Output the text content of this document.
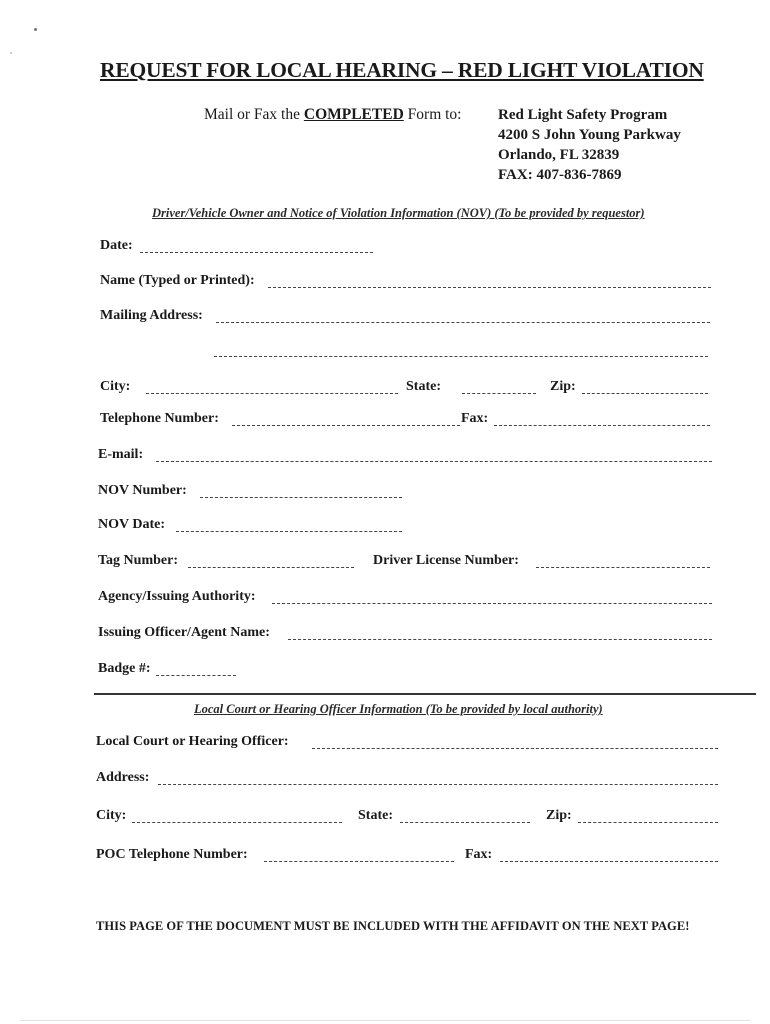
REQUEST FOR LOCAL HEARING – RED LIGHT VIOLATION
Mail or Fax the COMPLETED Form to: Red Light Safety Program
4200 S John Young Parkway
Orlando, FL 32839
FAX: 407-836-7869
Driver/Vehicle Owner and Notice of Violation Information (NOV) (To be provided by requestor)
Date:
Name (Typed or Printed):
Mailing Address:
City:	State:	Zip:
Telephone Number:	Fax:
E-mail:
NOV Number:
NOV Date:
Tag Number:	Driver License Number:
Agency/Issuing Authority:
Issuing Officer/Agent Name:
Badge #:
Local Court or Hearing Officer Information (To be provided by local authority)
Local Court or Hearing Officer:
Address:
City:	State:	Zip:
POC Telephone Number:	Fax:
THIS PAGE OF THE DOCUMENT MUST BE INCLUDED WITH THE AFFIDAVIT ON THE NEXT PAGE!
